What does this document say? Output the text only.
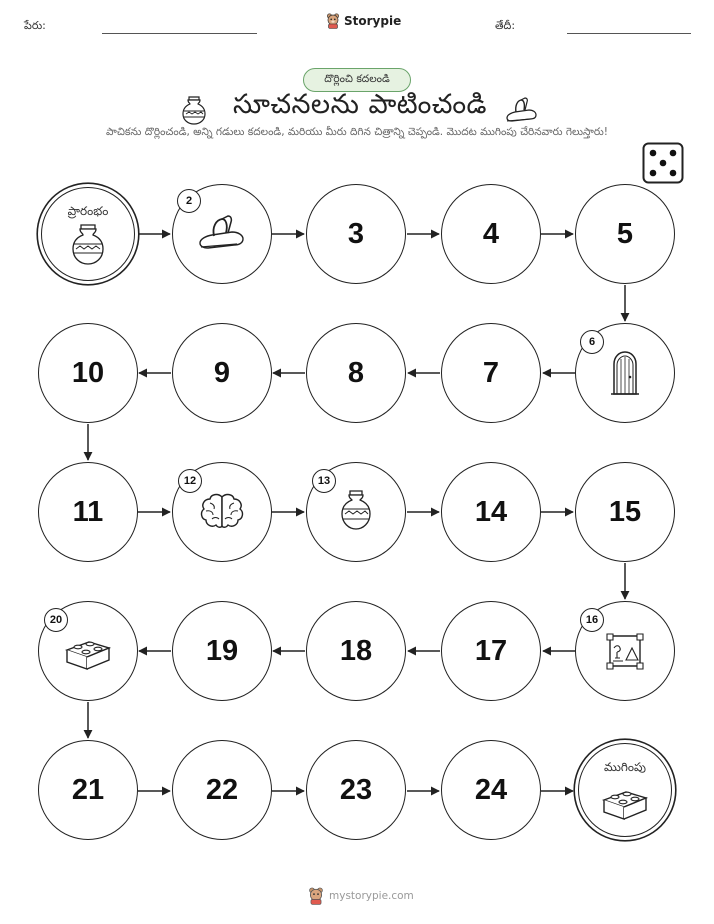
పేరు:	Storypie	తేదీ:
దొర్లించి కదలండి
సూచనలను పాటించండి
పాచికను దొర్లించండి, అన్ని గడులు కదలండి, మరియు మీరు దిగిన చిత్రాన్ని చెప్పండి. మొదట ముగింపు చేరినవారు గెలుస్తారు!
ప్రారంభం
2
3	4	5
6
7
8
9
10
11
12	13
14	15
16
17
18
19
20
21	22	23	24
ముగింపు
mystorypie.com
